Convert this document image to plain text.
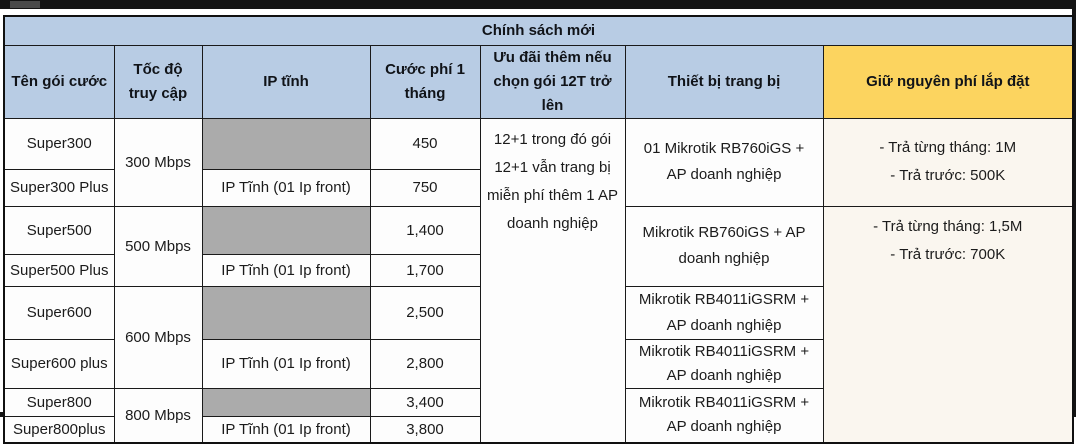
Chính sách mới						
Tên gói cước	Tốc độ truy cập	IP tĩnh	Cước phí 1 tháng	Ưu đãi thêm nếu chọn gói 12T trở lên	Thiết bị trang bị	Giữ nguyên phí lắp đặt
Super300	300 Mbps		450	12+1 trong đó gói 12+1 vẫn trang bị miễn phí thêm 1 AP doanh nghiệp	01 Mikrotik RB760iGS + AP doanh nghiệp	- Trả từng tháng: 1M
- Trả trước: 500K

Super300 Plus		IP Tĩnh (01 Ip front)	750			
Super500	500 Mbps		1,400		Mikrotik RB760iGS + AP doanh nghiệp	- Trả từng tháng: 1,5M
- Trả trước: 700K

Super500 Plus		IP Tĩnh (01 Ip front)	1,700			
Super600	600 Mbps		2,500		Mikrotik RB4011iGSRM + AP doanh nghiệp	
Super600 plus		IP Tĩnh (01 Ip front)	2,800		Mikrotik RB4011iGSRM + AP doanh nghiệp	
Super800	800 Mbps		3,400		Mikrotik RB4011iGSRM + AP doanh nghiệp	
Super800plus		IP Tĩnh (01 Ip front)	3,800			
